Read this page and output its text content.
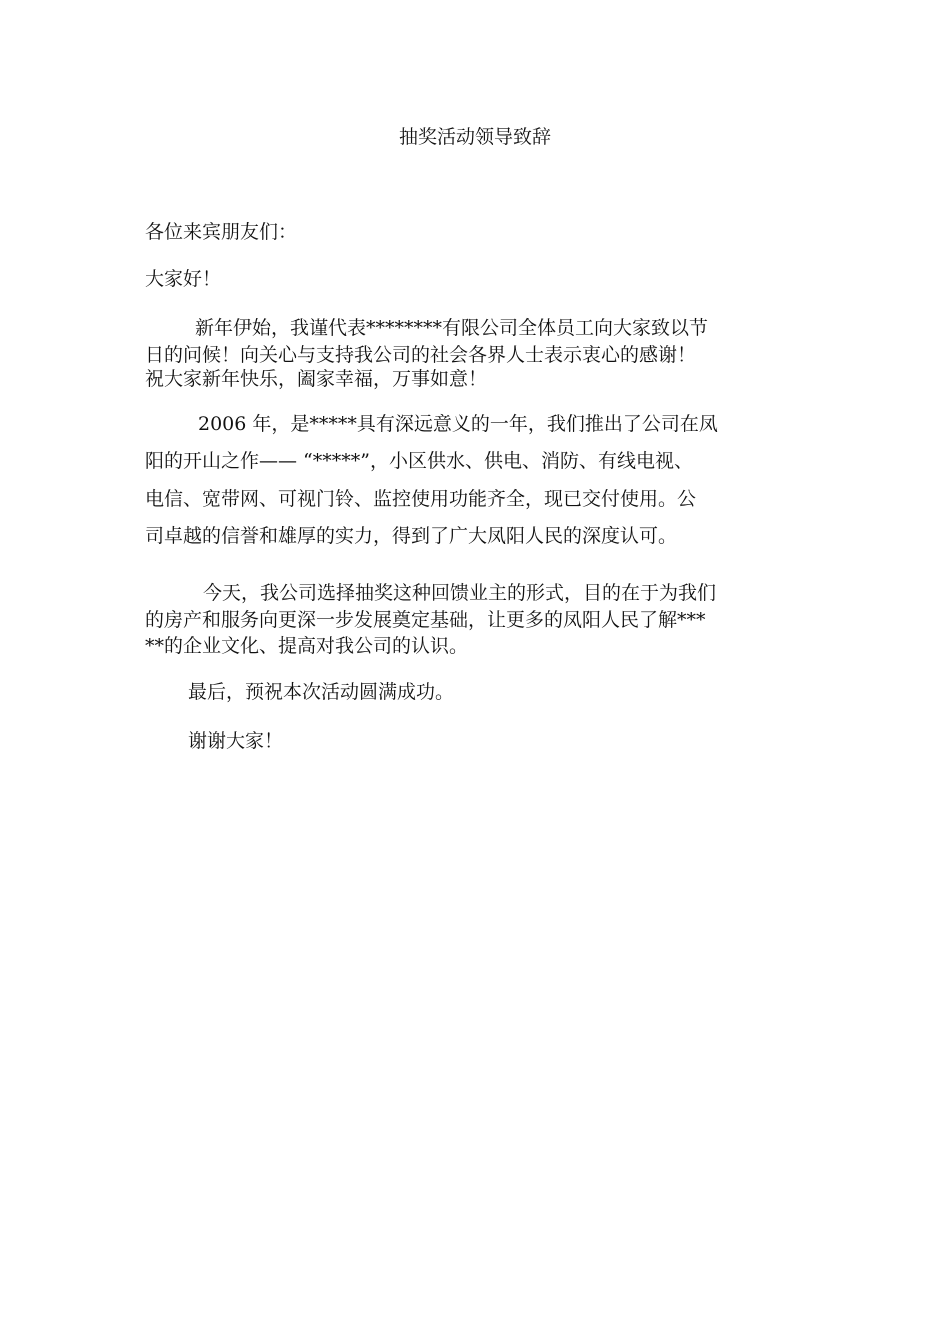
抽奖活动领导致辞
各位来宾朋友们：
大家好！
新年伊始，我谨代表********有限公司全体员工向大家致以节
日的问候！向关心与支持我公司的社会各界人士表示衷心的感谢！
祝大家新年快乐，阖家幸福，万事如意！
2006 年，是*****具有深远意义的一年，我们推出了公司在凤
阳的开山之作—— “*****”，小区供水、供电、消防、有线电视、
电信、宽带网、可视门铃、监控使用功能齐全，现已交付使用。公
司卓越的信誉和雄厚的实力，得到了广大凤阳人民的深度认可。
今天，我公司选择抽奖这种回馈业主的形式，目的在于为我们
的房产和服务向更深一步发展奠定基础，让更多的凤阳人民了解***
**的企业文化、提高对我公司的认识。
最后，预祝本次活动圆满成功。
谢谢大家！
